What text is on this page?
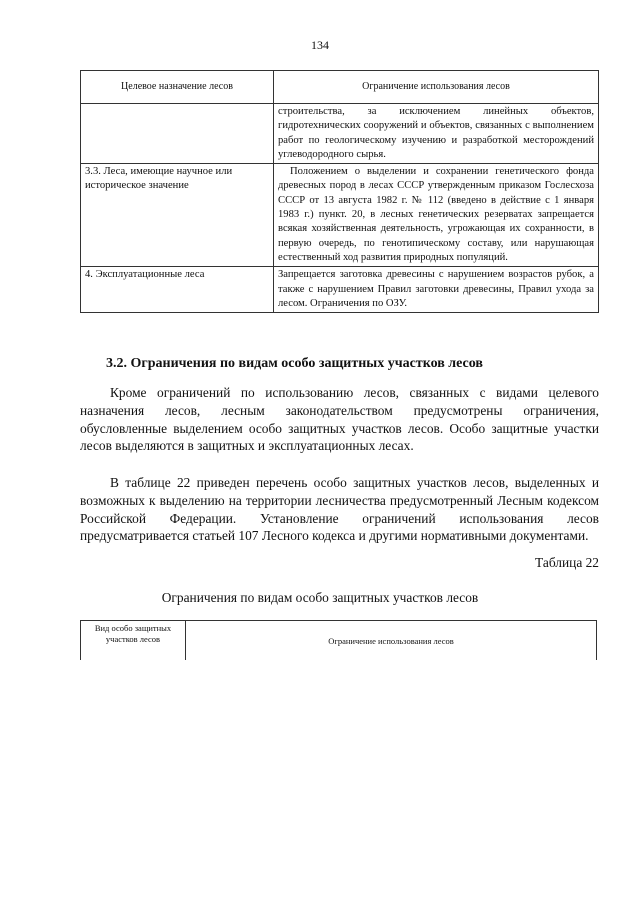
134
Целевое назначение лесов	Ограничение использования лесов
	строительства, за исключением линейных объектов, гидротехнических сооружений и объектов, связанных с выполнением работ по геологическому изучению и разработкой месторождений углеводородного сырья.
3.3. Леса, имеющие научное или историческое значение	Положением о выделении и сохранении генетического фонда древесных пород в лесах СССР утвержденным приказом Гослесхоза СССР от 13 августа 1982 г. № 112 (введено в действие с 1 января 1983 г.) пункт. 20, в лесных генетических резерватах запрещается всякая хозяйственная деятельность, угрожающая их сохранности, в первую очередь, по генотипическому составу, или нарушающая естественный ход развития природных популяций.
4. Эксплуатационные леса	Запрещается заготовка древесины с нарушением возрастов рубок, а также с нарушением Правил заготовки древесины, Правил ухода за лесом. Ограничения по ОЗУ.
3.2. Ограничения по видам особо защитных участков лесов

Кроме ограничений по использованию лесов, связанных с видами целевого назначения лесов, лесным законодательством предусмотрены ограничения, обусловленные выделением особо защитных участков лесов. Особо защитные участки лесов выделяются в защитных и эксплуатационных лесах.

В таблице 22 приведен перечень особо защитных участков лесов, выделенных и возможных к выделению на территории лесничества предусмотренный Лесным кодексом Российской Федерации. Установление ограничений использования лесов предусматривается статьей 107 Лесного кодекса и другими нормативными документами.

Таблица 22
Ограничения по видам особо защитных участков лесов
Вид особо защитных участков лесов	Ограничение использования лесов
